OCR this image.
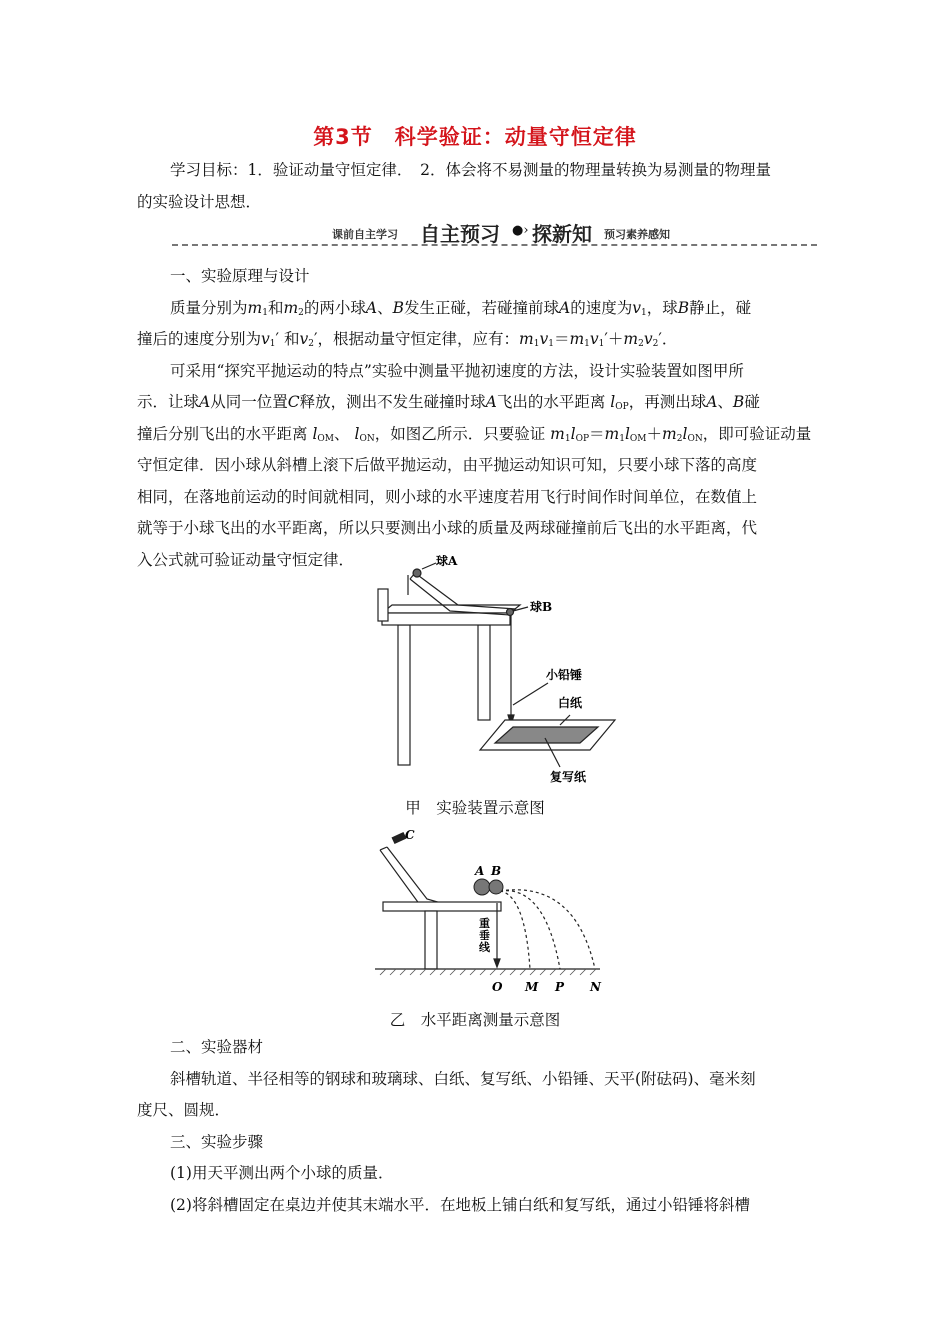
第3节　科学验证：动量守恒定律
学习目标：1．验证动量守恒定律．　2．体会将不易测量的物理量转换为易测量的物理量
的实验设计思想．
课前自主学习 自主预习 ●› 探新知 预习素养感知
一、实验原理与设计
质量分别为$m_1$和$m_2$的两小球A、B发生正碰，若碰撞前球A的速度为$v_1$，球B静止，碰
撞后的速度分别为$v_1'$ 和$v_2'$，根据动量守恒定律，应有：$m_1v_1=m_1v_1'+m_2v_2'$．
可采用“探究平抛运动的特点”实验中测量平抛初速度的方法，设计实验装置如图甲所
示．让球A从同一位置C释放，测出不发生碰撞时球A飞出的水平距离 $l_{OP}$，再测出球A、B碰
撞后分别飞出的水平距离 $l_{OM}$、 $l_{ON}$，如图乙所示．只要验证 $m_1l_{OP}=m_1l_{OM}+m_2l_{ON}$，即可验证动量
守恒定律．因小球从斜槽上滚下后做平抛运动，由平抛运动知识可知，只要小球下落的高度
相同，在落地前运动的时间就相同，则小球的水平速度若用飞行时间作时间单位，在数值上
就等于小球飞出的水平距离，所以只要测出小球的质量及两球碰撞前后飞出的水平距离，代
入公式就可验证动量守恒定律．	球A
球B
小铅锤
白纸
复写纸
甲　实验装置示意图
C
A B
重
垂
线
O M P N
乙　水平距离测量示意图
二、实验器材
斜槽轨道、半径相等的钢球和玻璃球、白纸、复写纸、小铅锤、天平(附砝码)、毫米刻
度尺、圆规．
三、实验步骤
(1)用天平测出两个小球的质量．
(2)将斜槽固定在桌边并使其末端水平．在地板上铺白纸和复写纸，通过小铅锤将斜槽
